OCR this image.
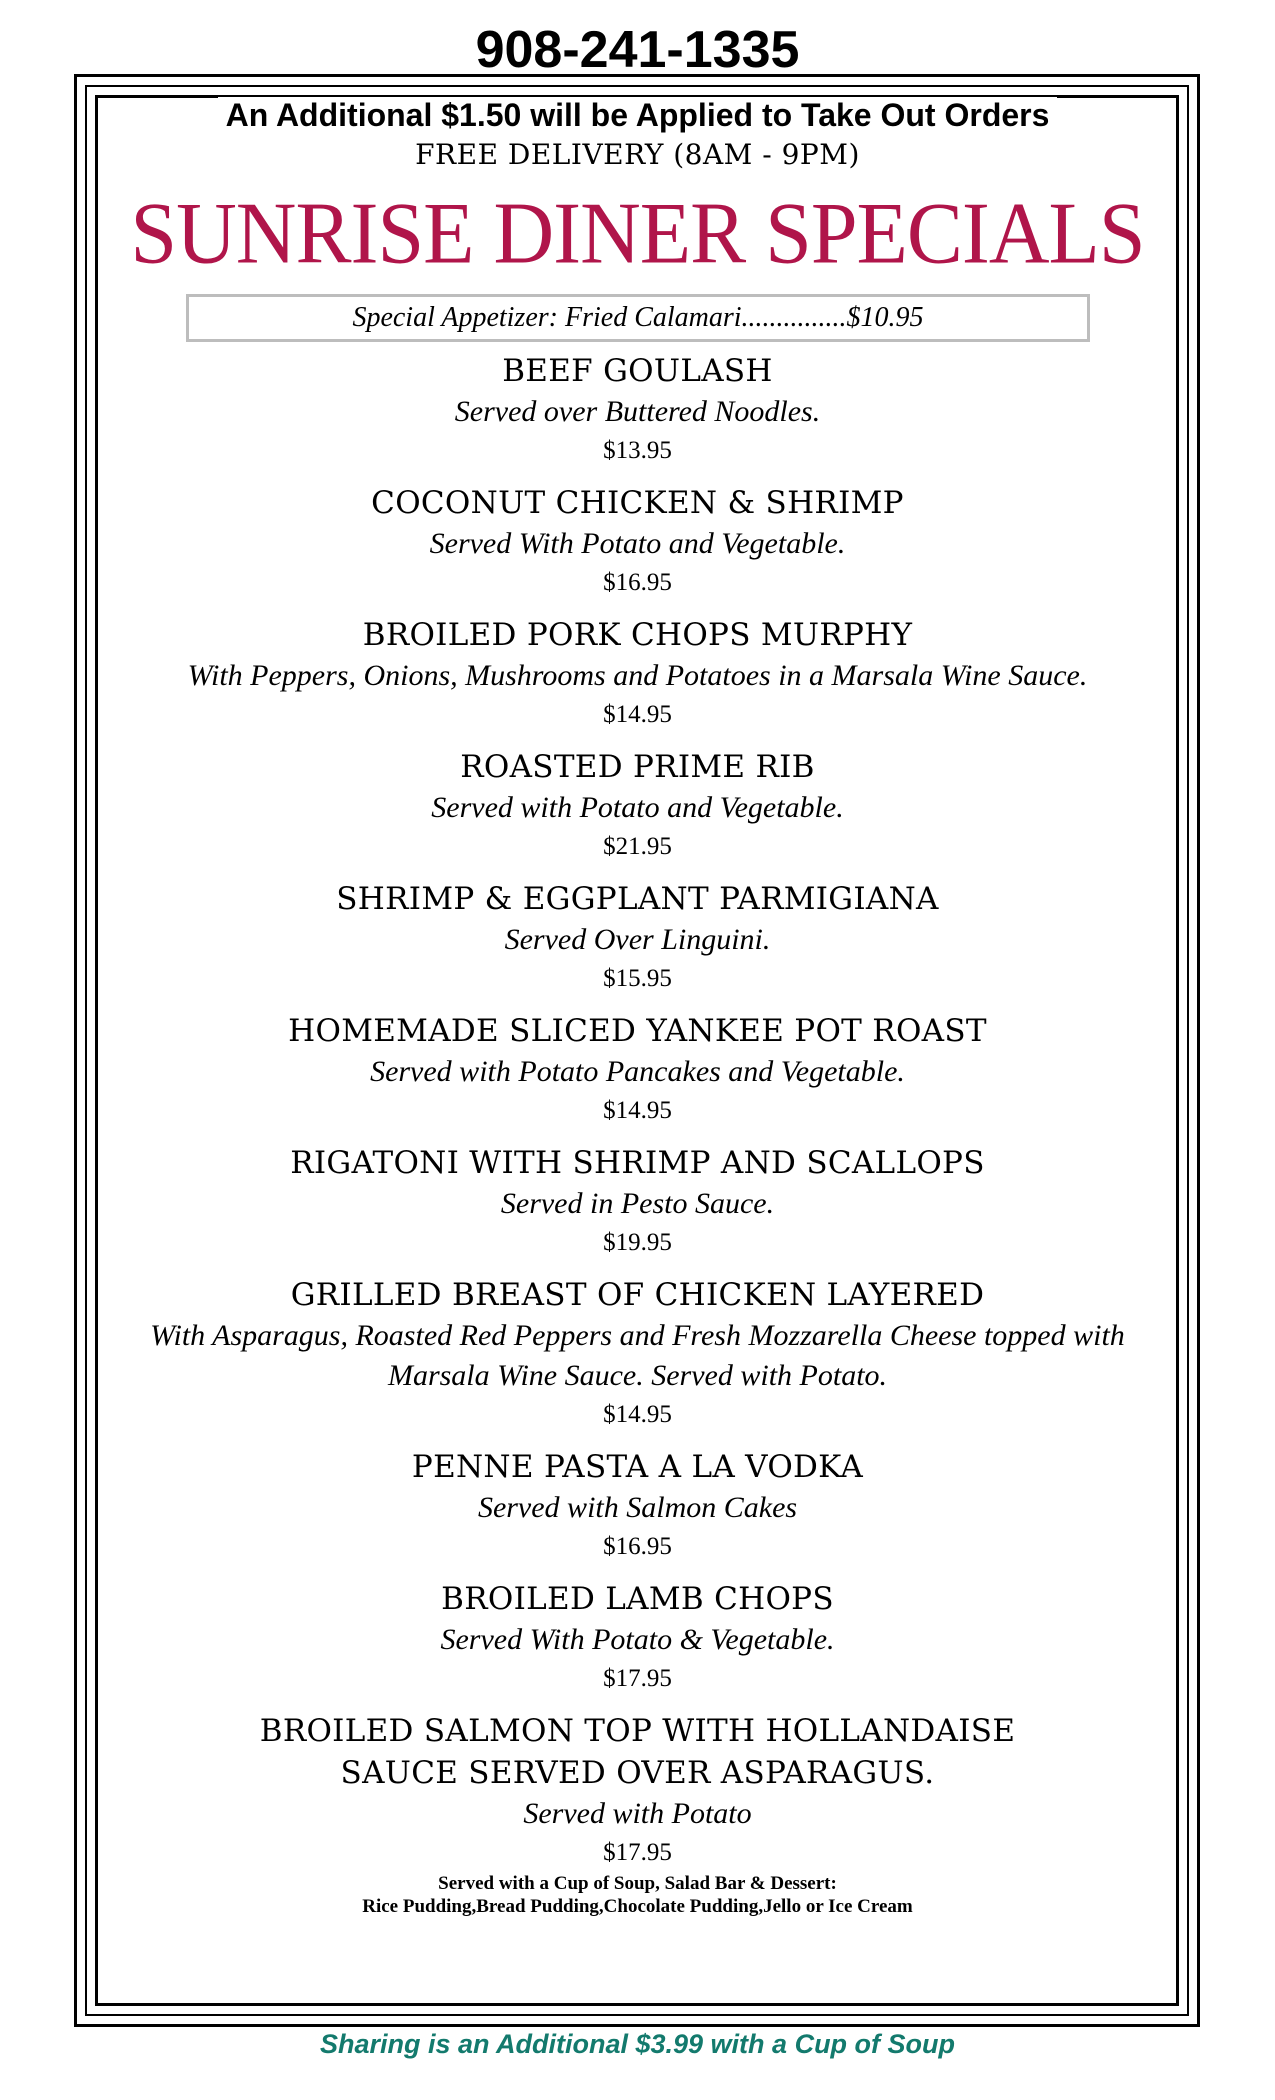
908-241-1335
An Additional $1.50 will be Applied to Take Out Orders
FREE DELIVERY (8AM - 9PM)
SUNRISE DINER SPECIALS
Special Appetizer: Fried Calamari...............$10.95
BEEF GOULASH
Served over Buttered Noodles.
$13.95
COCONUT CHICKEN & SHRIMP
Served With Potato and Vegetable.
$16.95
BROILED PORK CHOPS MURPHY
With Peppers, Onions, Mushrooms and Potatoes in a Marsala Wine Sauce.
$14.95
ROASTED PRIME RIB
Served with Potato and Vegetable.
$21.95
SHRIMP & EGGPLANT PARMIGIANA
Served Over Linguini.
$15.95
HOMEMADE SLICED YANKEE POT ROAST
Served with Potato Pancakes and Vegetable.
$14.95
RIGATONI WITH SHRIMP AND SCALLOPS
Served in Pesto Sauce.
$19.95
GRILLED BREAST OF CHICKEN LAYERED
With Asparagus, Roasted Red Peppers and Fresh Mozzarella Cheese topped with Marsala Wine Sauce. Served with Potato.
$14.95
PENNE PASTA A LA VODKA
Served with Salmon Cakes
$16.95
BROILED LAMB CHOPS
Served With Potato & Vegetable.
$17.95
BROILED SALMON TOP WITH HOLLANDAISE SAUCE SERVED OVER ASPARAGUS.
Served with Potato
$17.95
Served with a Cup of Soup, Salad Bar & Dessert:
Rice Pudding,Bread Pudding,Chocolate Pudding,Jello or Ice Cream
Sharing is an Additional $3.99 with a Cup of Soup
